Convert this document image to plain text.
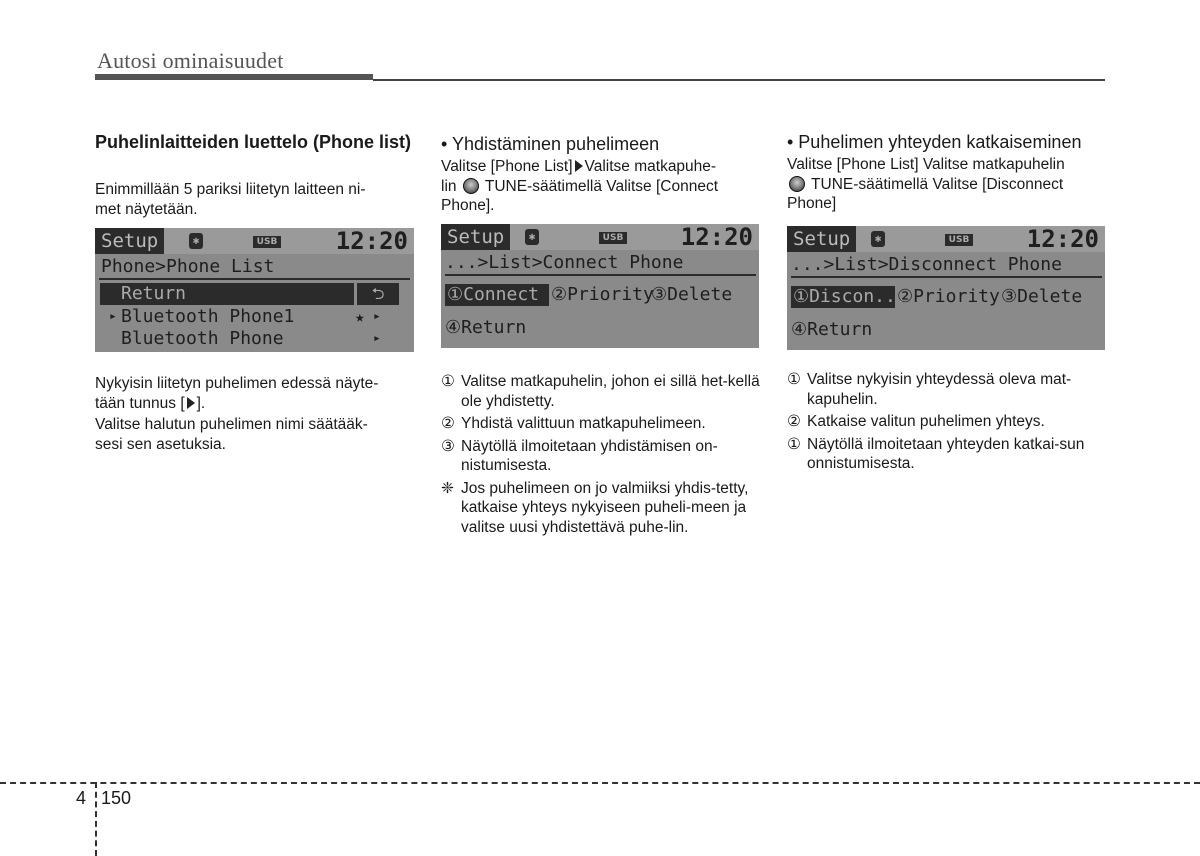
Autosi ominaisuudet
Puhelinlaitteiden luettelo (Phone list)
Enimmillään 5 pariksi liitetyn laitteen ni-
met näytetään.
Setup	✱	USB 12:20
Phone>Phone List
Return	⮌
▸ Bluetooth Phone1	★ ▸
Bluetooth Phone	▸
Nykyisin liitetyn puhelimen edessä näyte-
tään tunnus [ ].
Valitse halutun puhelimen nimi säätääk-
sesi sen asetuksia.
• Yhdistäminen puhelimeen
Valitse [Phone List] Valitse matkapuhe-
lin TUNE-säätimellä Valitse [Connect
Phone].
Setup	✱	USB 12:20
...>List>Connect Phone
①Connect ②Priority
③Delete
④Return
① Valitse matkapuhelin, johon ei sillä het-kellä ole yhdistetty.
② Yhdistä valittuun matkapuhelimeen.
③ Näytöllä ilmoitetaan yhdistämisen on-nistumisesta.
❈ Jos puhelimeen on jo valmiiksi yhdis-tetty, katkaise yhteys nykyiseen puheli-meen ja valitse uusi yhdistettävä puhe-lin.
• Puhelimen yhteyden katkaiseminen
Valitse [Phone List] Valitse matkapuhelin
TUNE-säätimellä Valitse [Disconnect
Phone]
Setup	✱	USB 12:20
...>List>Disconnect Phone
①Discon...
②Priority ③Delete
④Return
① Valitse nykyisin yhteydessä oleva mat-kapuhelin.
② Katkaise valitun puhelimen yhteys.
① Näytöllä ilmoitetaan yhteyden katkai-sun onnistumisesta.
4 150
